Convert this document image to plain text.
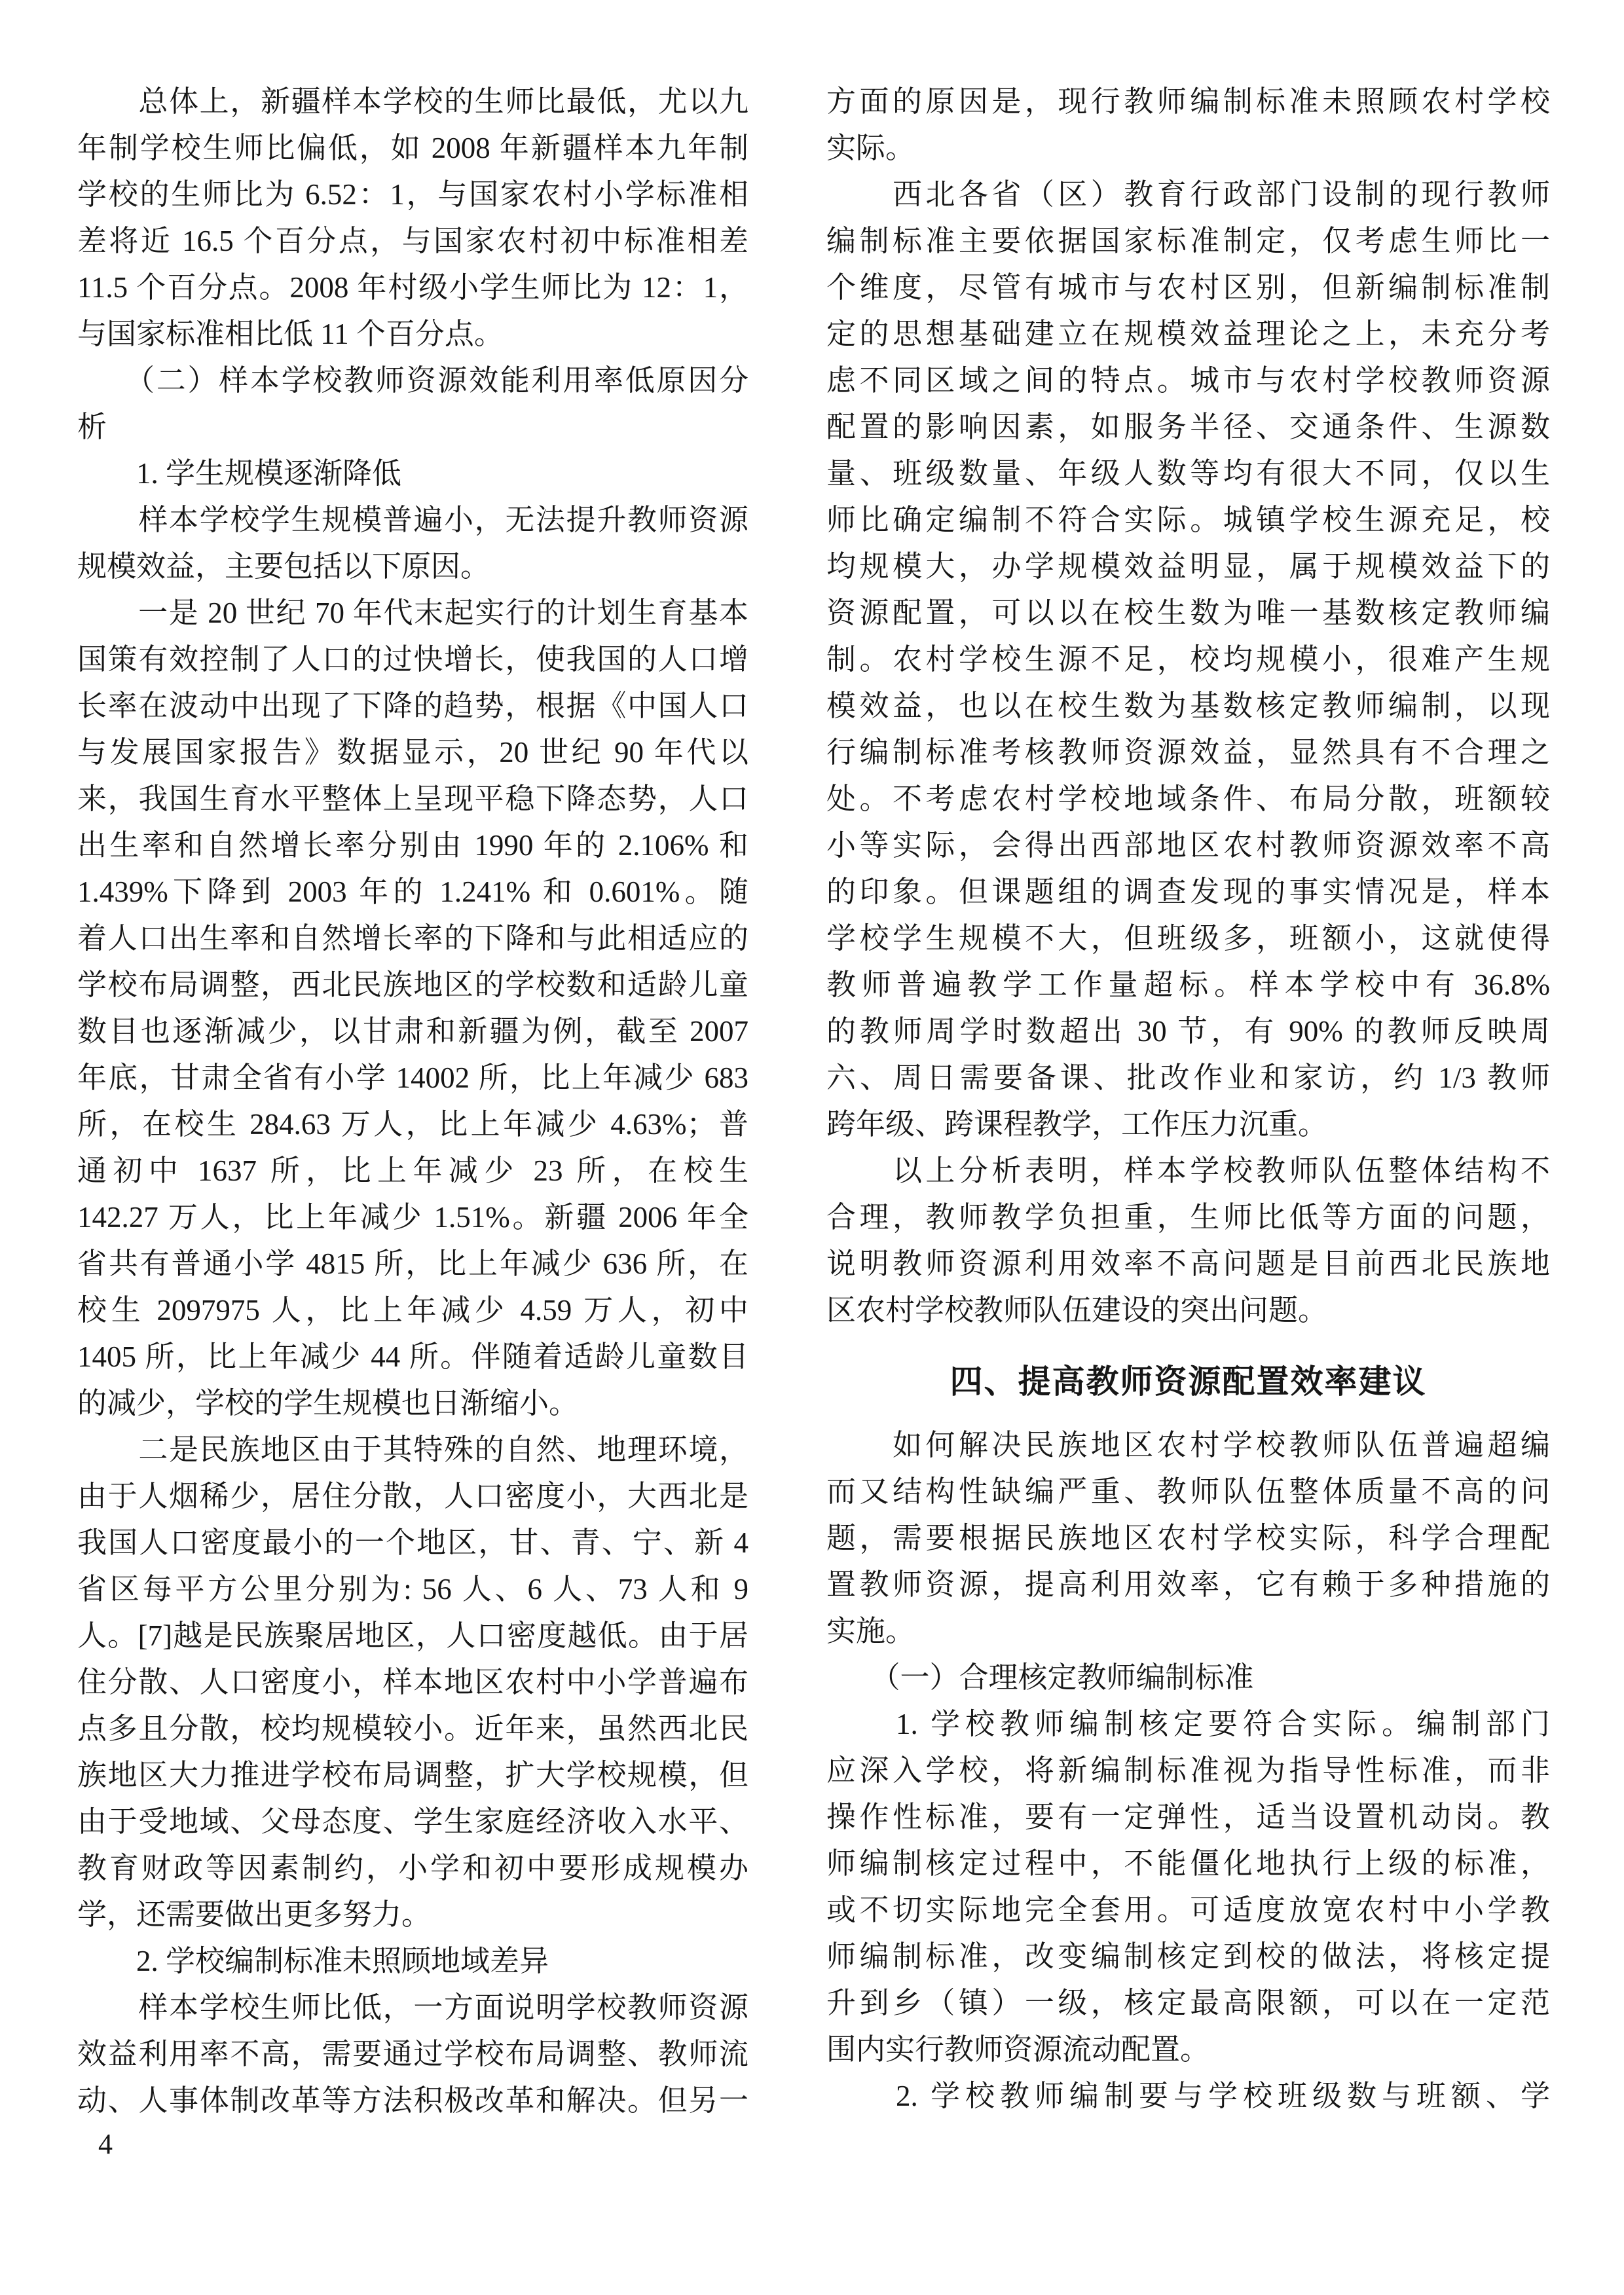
　　总体上，新疆样本学校的生师比最低，尤以九
年制学校生师比偏低，如 2008 年新疆样本九年制
学校的生师比为 6.52：1，与国家农村小学标准相
差将近 16.5 个百分点，与国家农村初中标准相差
11.5 个百分点。2008 年村级小学生师比为 12：1，
与国家标准相比低 11 个百分点。
　　（二）样本学校教师资源效能利用率低原因分
析
　　1. 学生规模逐渐降低
　　样本学校学生规模普遍小，无法提升教师资源
规模效益，主要包括以下原因。
　　一是 20 世纪 70 年代末起实行的计划生育基本
国策有效控制了人口的过快增长，使我国的人口增
长率在波动中出现了下降的趋势，根据《中国人口
与发展国家报告》数据显示，20 世纪 90 年代以
来，我国生育水平整体上呈现平稳下降态势，人口
出生率和自然增长率分别由 1990 年的 2.106% 和
1.439%下降到 2003 年的 1.241% 和 0.601%。随
着人口出生率和自然增长率的下降和与此相适应的
学校布局调整，西北民族地区的学校数和适龄儿童
数目也逐渐减少，以甘肃和新疆为例，截至 2007
年底，甘肃全省有小学 14002 所，比上年减少 683
所，在校生 284.63 万人，比上年减少 4.63%；普
通初中 1637 所，比上年减少 23 所，在校生
142.27 万人，比上年减少 1.51%。新疆 2006 年全
省共有普通小学 4815 所，比上年减少 636 所，在
校生 2097975 人，比上年减少 4.59 万人，初中
1405 所，比上年减少 44 所。伴随着适龄儿童数目
的减少，学校的学生规模也日渐缩小。
　　二是民族地区由于其特殊的自然、地理环境，
由于人烟稀少，居住分散，人口密度小，大西北是
我国人口密度最小的一个地区，甘、青、宁、新 4
省区每平方公里分别为: 56 人、6 人、73 人和 9
人。[7]越是民族聚居地区，人口密度越低。由于居
住分散、人口密度小，样本地区农村中小学普遍布
点多且分散，校均规模较小。近年来，虽然西北民
族地区大力推进学校布局调整，扩大学校规模，但
由于受地域、父母态度、学生家庭经济收入水平、
教育财政等因素制约，小学和初中要形成规模办
学，还需要做出更多努力。
　　2. 学校编制标准未照顾地域差异
　　样本学校生师比低，一方面说明学校教师资源
效益利用率不高，需要通过学校布局调整、教师流
动、人事体制改革等方法积极改革和解决。但另一
方面的原因是，现行教师编制标准未照顾农村学校
实际。
　　西北各省（区）教育行政部门设制的现行教师
编制标准主要依据国家标准制定，仅考虑生师比一
个维度，尽管有城市与农村区别，但新编制标准制
定的思想基础建立在规模效益理论之上，未充分考
虑不同区域之间的特点。城市与农村学校教师资源
配置的影响因素，如服务半径、交通条件、生源数
量、班级数量、年级人数等均有很大不同，仅以生
师比确定编制不符合实际。城镇学校生源充足，校
均规模大，办学规模效益明显，属于规模效益下的
资源配置，可以以在校生数为唯一基数核定教师编
制。农村学校生源不足，校均规模小，很难产生规
模效益，也以在校生数为基数核定教师编制，以现
行编制标准考核教师资源效益，显然具有不合理之
处。不考虑农村学校地域条件、布局分散，班额较
小等实际，会得出西部地区农村教师资源效率不高
的印象。但课题组的调查发现的事实情况是，样本
学校学生规模不大，但班级多，班额小，这就使得
教师普遍教学工作量超标。样本学校中有 36.8%
的教师周学时数超出 30 节，有 90% 的教师反映周
六、周日需要备课、批改作业和家访，约 1/3 教师
跨年级、跨课程教学，工作压力沉重。
　　以上分析表明，样本学校教师队伍整体结构不
合理，教师教学负担重，生师比低等方面的问题，
说明教师资源利用效率不高问题是目前西北民族地
区农村学校教师队伍建设的突出问题。
四、提高教师资源配置效率建议
　　如何解决民族地区农村学校教师队伍普遍超编
而又结构性缺编严重、教师队伍整体质量不高的问
题，需要根据民族地区农村学校实际，科学合理配
置教师资源，提高利用效率，它有赖于多种措施的
实施。
　　（一）合理核定教师编制标准
　　1. 学校教师编制核定要符合实际。编制部门
应深入学校，将新编制标准视为指导性标准，而非
操作性标准，要有一定弹性，适当设置机动岗。教
师编制核定过程中，不能僵化地执行上级的标准，
或不切实际地完全套用。可适度放宽农村中小学教
师编制标准，改变编制核定到校的做法，将核定提
升到乡（镇）一级，核定最高限额，可以在一定范
围内实行教师资源流动配置。
　　2. 学校教师编制要与学校班级数与班额、学
4
